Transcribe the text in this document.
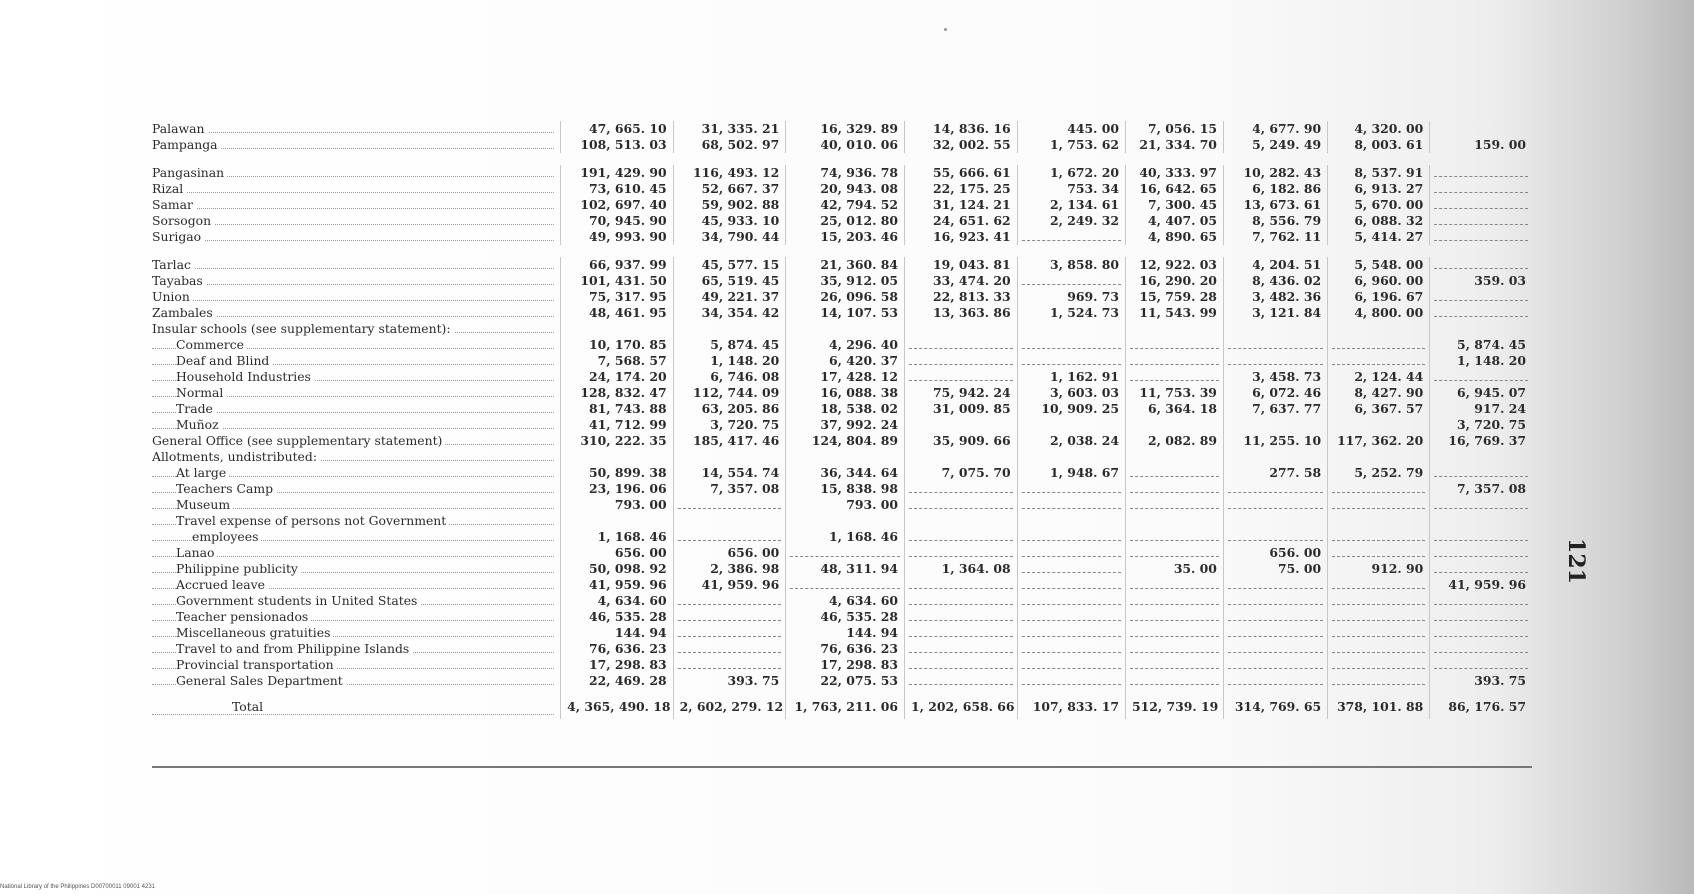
Palawan	47, 665. 10	31, 335. 21	16, 329. 89	14, 836. 16	445. 00	7, 056. 15	4, 677. 90	4, 320. 00	

Pampanga	108, 513. 03	68, 502. 97	40, 010. 06	32, 002. 55	1, 753. 62	21, 334. 70	5, 249. 49	8, 003. 61	159. 00

Pangasinan	191, 429. 90	116, 493. 12	74, 936. 78	55, 666. 61	1, 672. 20	40, 333. 97	10, 282. 43	8, 537. 91	

Rizal	73, 610. 45	52, 667. 37	20, 943. 08	22, 175. 25	753. 34	16, 642. 65	6, 182. 86	6, 913. 27	

Samar	102, 697. 40	59, 902. 88	42, 794. 52	31, 124. 21	2, 134. 61	7, 300. 45	13, 673. 61	5, 670. 00	

Sorsogon	70, 945. 90	45, 933. 10	25, 012. 80	24, 651. 62	2, 249. 32	4, 407. 05	8, 556. 79	6, 088. 32	

Surigao	49, 993. 90	34, 790. 44	15, 203. 46	16, 923. 41		4, 890. 65	7, 762. 11	5, 414. 27	

Tarlac	66, 937. 99	45, 577. 15	21, 360. 84	19, 043. 81	3, 858. 80	12, 922. 03	4, 204. 51	5, 548. 00	

Tayabas	101, 431. 50	65, 519. 45	35, 912. 05	33, 474. 20		16, 290. 20	8, 436. 02	6, 960. 00	359. 03

Union	75, 317. 95	49, 221. 37	26, 096. 58	22, 813. 33	969. 73	15, 759. 28	3, 482. 36	6, 196. 67	

Zambales	48, 461. 95	34, 354. 42	14, 107. 53	13, 363. 86	1, 524. 73	11, 543. 99	3, 121. 84	4, 800. 00	

Insular schools (see supplementary statement):									

Commerce	10, 170. 85	5, 874. 45	4, 296. 40						5, 874. 45

Deaf and Blind	7, 568. 57	1, 148. 20	6, 420. 37						1, 148. 20

Household Industries	24, 174. 20	6, 746. 08	17, 428. 12		1, 162. 91		3, 458. 73	2, 124. 44	

Normal	128, 832. 47	112, 744. 09	16, 088. 38	75, 942. 24	3, 603. 03	11, 753. 39	6, 072. 46	8, 427. 90	6, 945. 07

Trade	81, 743. 88	63, 205. 86	18, 538. 02	31, 009. 85	10, 909. 25	6, 364. 18	7, 637. 77	6, 367. 57	917. 24

Muñoz	41, 712. 99	3, 720. 75	37, 992. 24						3, 720. 75

General Office (see supplementary statement)	310, 222. 35	185, 417. 46	124, 804. 89	35, 909. 66	2, 038. 24	2, 082. 89	11, 255. 10	117, 362. 20	16, 769. 37

Allotments, undistributed:									

At large	50, 899. 38	14, 554. 74	36, 344. 64	7, 075. 70	1, 948. 67		277. 58	5, 252. 79	

Teachers Camp	23, 196. 06	7, 357. 08	15, 838. 98						7, 357. 08

Museum	793. 00		793. 00						

Travel expense of persons not Government									

employees	1, 168. 46		1, 168. 46						

Lanao	656. 00	656. 00					656. 00		

Philippine publicity	50, 098. 92	2, 386. 98	48, 311. 94	1, 364. 08		35. 00	75. 00	912. 90	

Accrued leave	41, 959. 96	41, 959. 96							41, 959. 96

Government students in United States	4, 634. 60		4, 634. 60						

Teacher pensionados	46, 535. 28		46, 535. 28						

Miscellaneous gratuities	144. 94		144. 94						

Travel to and from Philippine Islands	76, 636. 23		76, 636. 23						

Provincial transportation	17, 298. 83		17, 298. 83						

General Sales Department	22, 469. 28	393. 75	22, 075. 53						393. 75

Total	4, 365, 490. 18	2, 602, 279. 12	1, 763, 211. 06	1, 202, 658. 66	107, 833. 17	512, 739. 19	314, 769. 65	378, 101. 88	86, 176. 57
121
National Library of the Philippines D00700011 09001 4231
